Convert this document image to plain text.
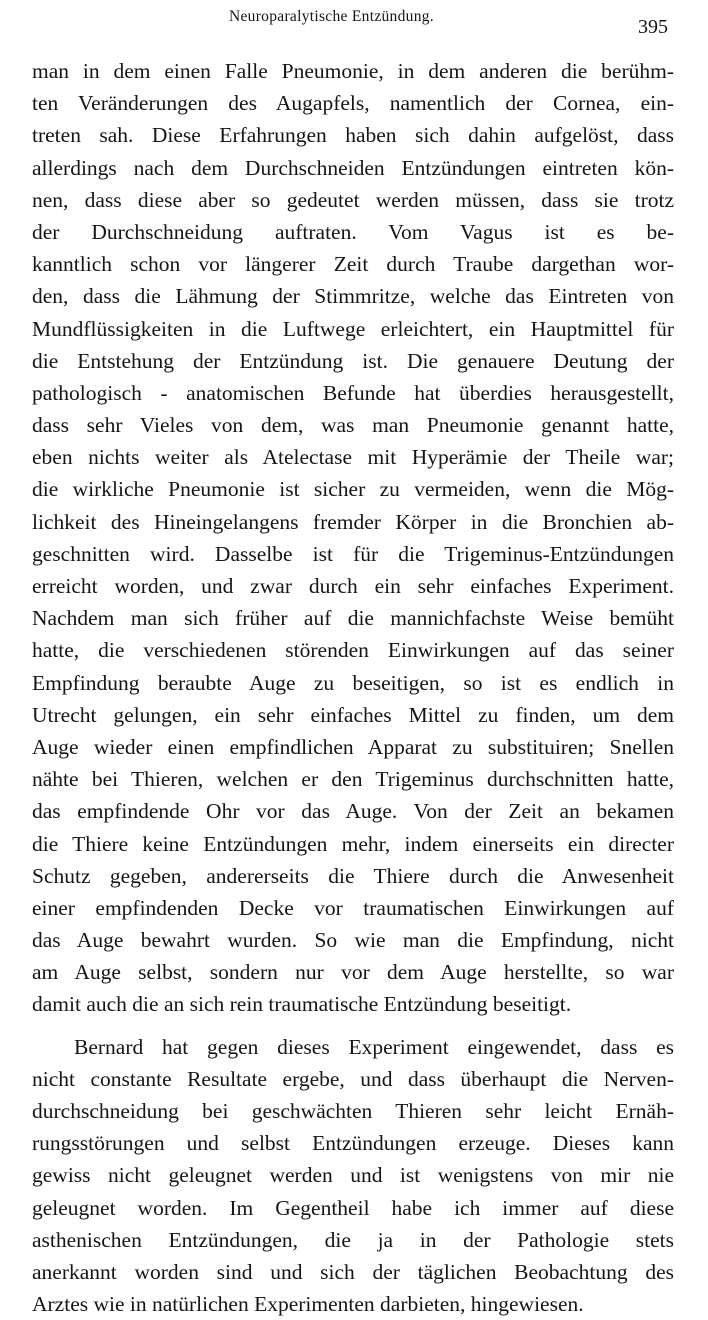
Neuroparalytische Entzündung.	395
man in dem einen Falle Pneumonie, in dem anderen die berühm-
ten Veränderungen des Augapfels, namentlich der Cornea, ein-
treten sah. Diese Erfahrungen haben sich dahin aufgelöst, dass
allerdings nach dem Durchschneiden Entzündungen eintreten kön-
nen, dass diese aber so gedeutet werden müssen, dass sie trotz
der Durchschneidung auftraten. Vom Vagus ist es be-
kanntlich schon vor längerer Zeit durch Traube dargethan wor-
den, dass die Lähmung der Stimmritze, welche das Eintreten von
Mundflüssigkeiten in die Luftwege erleichtert, ein Hauptmittel für
die Entstehung der Entzündung ist. Die genauere Deutung der
pathologisch - anatomischen Befunde hat überdies herausgestellt,
dass sehr Vieles von dem, was man Pneumonie genannt hatte,
eben nichts weiter als Atelectase mit Hyperämie der Theile war;
die wirkliche Pneumonie ist sicher zu vermeiden, wenn die Mög-
lichkeit des Hineingelangens fremder Körper in die Bronchien ab-
geschnitten wird. Dasselbe ist für die Trigeminus-Entzündungen
erreicht worden, und zwar durch ein sehr einfaches Experiment.
Nachdem man sich früher auf die mannichfachste Weise bemüht
hatte, die verschiedenen störenden Einwirkungen auf das seiner
Empfindung beraubte Auge zu beseitigen, so ist es endlich in
Utrecht gelungen, ein sehr einfaches Mittel zu finden, um dem
Auge wieder einen empfindlichen Apparat zu substituiren; Snellen
nähte bei Thieren, welchen er den Trigeminus durchschnitten hatte,
das empfindende Ohr vor das Auge. Von der Zeit an bekamen
die Thiere keine Entzündungen mehr, indem einerseits ein directer
Schutz gegeben, andererseits die Thiere durch die Anwesenheit
einer empfindenden Decke vor traumatischen Einwirkungen auf
das Auge bewahrt wurden. So wie man die Empfindung, nicht
am Auge selbst, sondern nur vor dem Auge herstellte, so war
damit auch die an sich rein traumatische Entzündung beseitigt.
Bernard hat gegen dieses Experiment eingewendet, dass es
nicht constante Resultate ergebe, und dass überhaupt die Nerven-
durchschneidung bei geschwächten Thieren sehr leicht Ernäh-
rungsstörungen und selbst Entzündungen erzeuge. Dieses kann
gewiss nicht geleugnet werden und ist wenigstens von mir nie
geleugnet worden. Im Gegentheil habe ich immer auf diese
asthenischen Entzündungen, die ja in der Pathologie stets
anerkannt worden sind und sich der täglichen Beobachtung des
Arztes wie in natürlichen Experimenten darbieten, hingewiesen.
